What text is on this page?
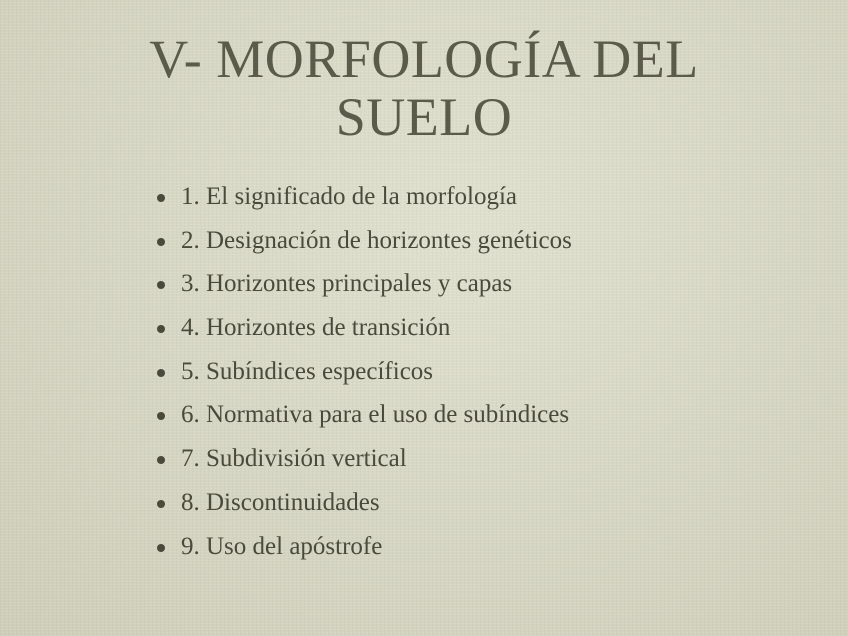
V- MORFOLOGÍA DEL
SUELO
1. El significado de la morfología
2. Designación de horizontes genéticos
3. Horizontes principales y capas
4. Horizontes de transición
5. Subíndices específicos
6. Normativa para el uso de subíndices
7. Subdivisión vertical
8. Discontinuidades
9. Uso del apóstrofe
